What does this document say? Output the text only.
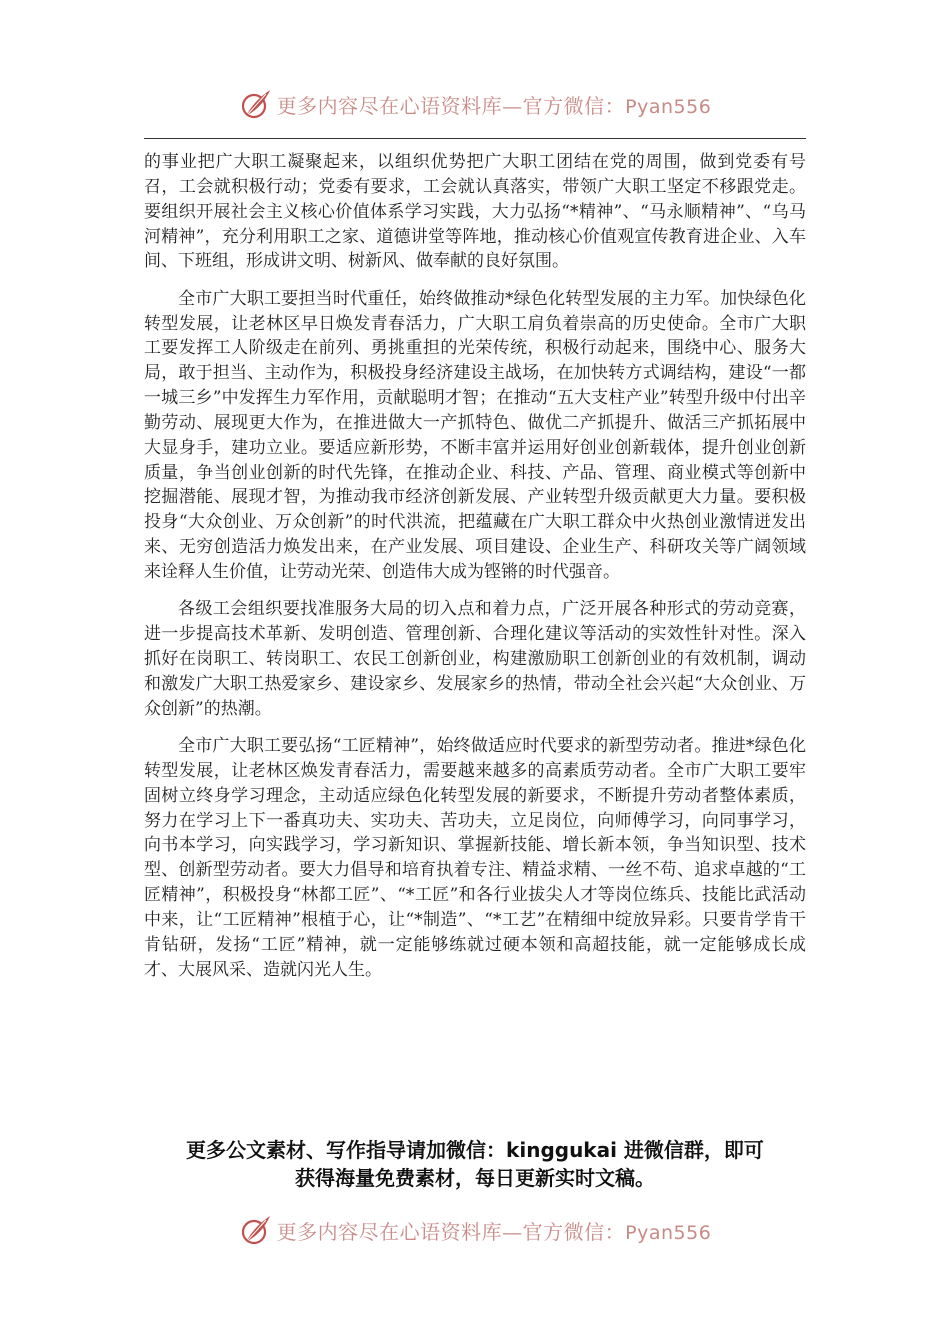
更多内容尽在心语资料库—官方微信：Pyan556

的事业把广大职工凝聚起来，以组织优势把广大职工团结在党的周围，做到党委有号召，工会就积极行动；党委有要求，工会就认真落实，带领广大职工坚定不移跟党走。要组织开展社会主义核心价值体系学习实践，大力弘扬“*精神”、“马永顺精神”、“乌马河精神”，充分利用职工之家、道德讲堂等阵地，推动核心价值观宣传教育进企业、入车间、下班组，形成讲文明、树新风、做奉献的良好氛围。

全市广大职工要担当时代重任，始终做推动*绿色化转型发展的主力军。加快绿色化转型发展，让老林区早日焕发青春活力，广大职工肩负着崇高的历史使命。全市广大职工要发挥工人阶级走在前列、勇挑重担的光荣传统，积极行动起来，围绕中心、服务大局，敢于担当、主动作为，积极投身经济建设主战场，在加快转方式调结构，建设“一都一城三乡”中发挥生力军作用，贡献聪明才智；在推动“五大支柱产业”转型升级中付出辛勤劳动、展现更大作为，在推进做大一产抓特色、做优二产抓提升、做活三产抓拓展中大显身手，建功立业。要适应新形势，不断丰富并运用好创业创新载体，提升创业创新质量，争当创业创新的时代先锋，在推动企业、科技、产品、管理、商业模式等创新中挖掘潜能、展现才智，为推动我市经济创新发展、产业转型升级贡献更大力量。要积极投身“大众创业、万众创新”的时代洪流，把蕴藏在广大职工群众中火热创业激情迸发出来、无穷创造活力焕发出来，在产业发展、项目建设、企业生产、科研攻关等广阔领域来诠释人生价值，让劳动光荣、创造伟大成为铿锵的时代强音。

各级工会组织要找准服务大局的切入点和着力点，广泛开展各种形式的劳动竞赛，进一步提高技术革新、发明创造、管理创新、合理化建议等活动的实效性针对性。深入抓好在岗职工、转岗职工、农民工创新创业，构建激励职工创新创业的有效机制，调动和激发广大职工热爱家乡、建设家乡、发展家乡的热情，带动全社会兴起“大众创业、万众创新”的热潮。

全市广大职工要弘扬“工匠精神”，始终做适应时代要求的新型劳动者。推进*绿色化转型发展，让老林区焕发青春活力，需要越来越多的高素质劳动者。全市广大职工要牢固树立终身学习理念，主动适应绿色化转型发展的新要求，不断提升劳动者整体素质，努力在学习上下一番真功夫、实功夫、苦功夫，立足岗位，向师傅学习，向同事学习，向书本学习，向实践学习，学习新知识、掌握新技能、增长新本领，争当知识型、技术型、创新型劳动者。要大力倡导和培育执着专注、精益求精、一丝不苟、追求卓越的“工匠精神”，积极投身“林都工匠”、“*工匠”和各行业拔尖人才等岗位练兵、技能比武活动中来，让“工匠精神”根植于心，让“*制造”、“*工艺”在精细中绽放异彩。只要肯学肯干肯钻研，发扬“工匠”精神，就一定能够练就过硬本领和高超技能，就一定能够成长成才、大展风采、造就闪光人生。

更多公文素材、写作指导请加微信：kinggukai 进微信群，即可
获得海量免费素材，每日更新实时文稿。
更多内容尽在心语资料库—官方微信：Pyan556
